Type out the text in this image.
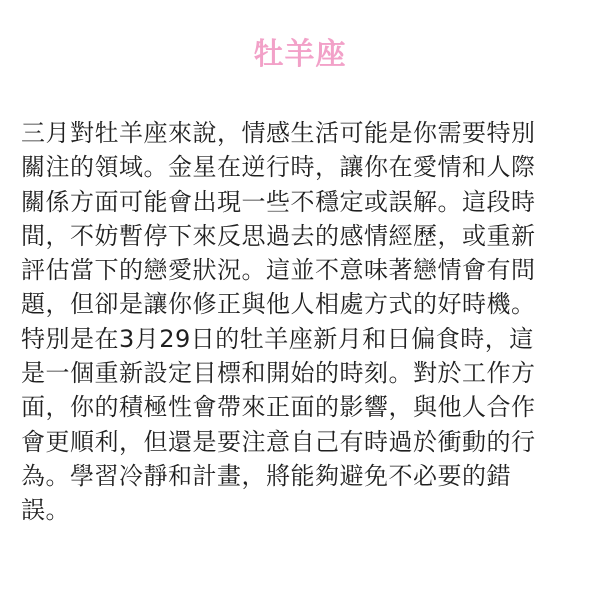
牡羊座
三月對牡羊座來說，情感生活可能是你需要特別
關注的領域。金星在逆行時，讓你在愛情和人際
關係方面可能會出現一些不穩定或誤解。這段時
間，不妨暫停下來反思過去的感情經歷，或重新
評估當下的戀愛狀況。這並不意味著戀情會有問
題，但卻是讓你修正與他人相處方式的好時機。
特別是在3月29日的牡羊座新月和日偏食時，這
是一個重新設定目標和開始的時刻。對於工作方
面，你的積極性會帶來正面的影響，與他人合作
會更順利，但還是要注意自己有時過於衝動的行
為。學習冷靜和計畫，將能夠避免不必要的錯
誤。
